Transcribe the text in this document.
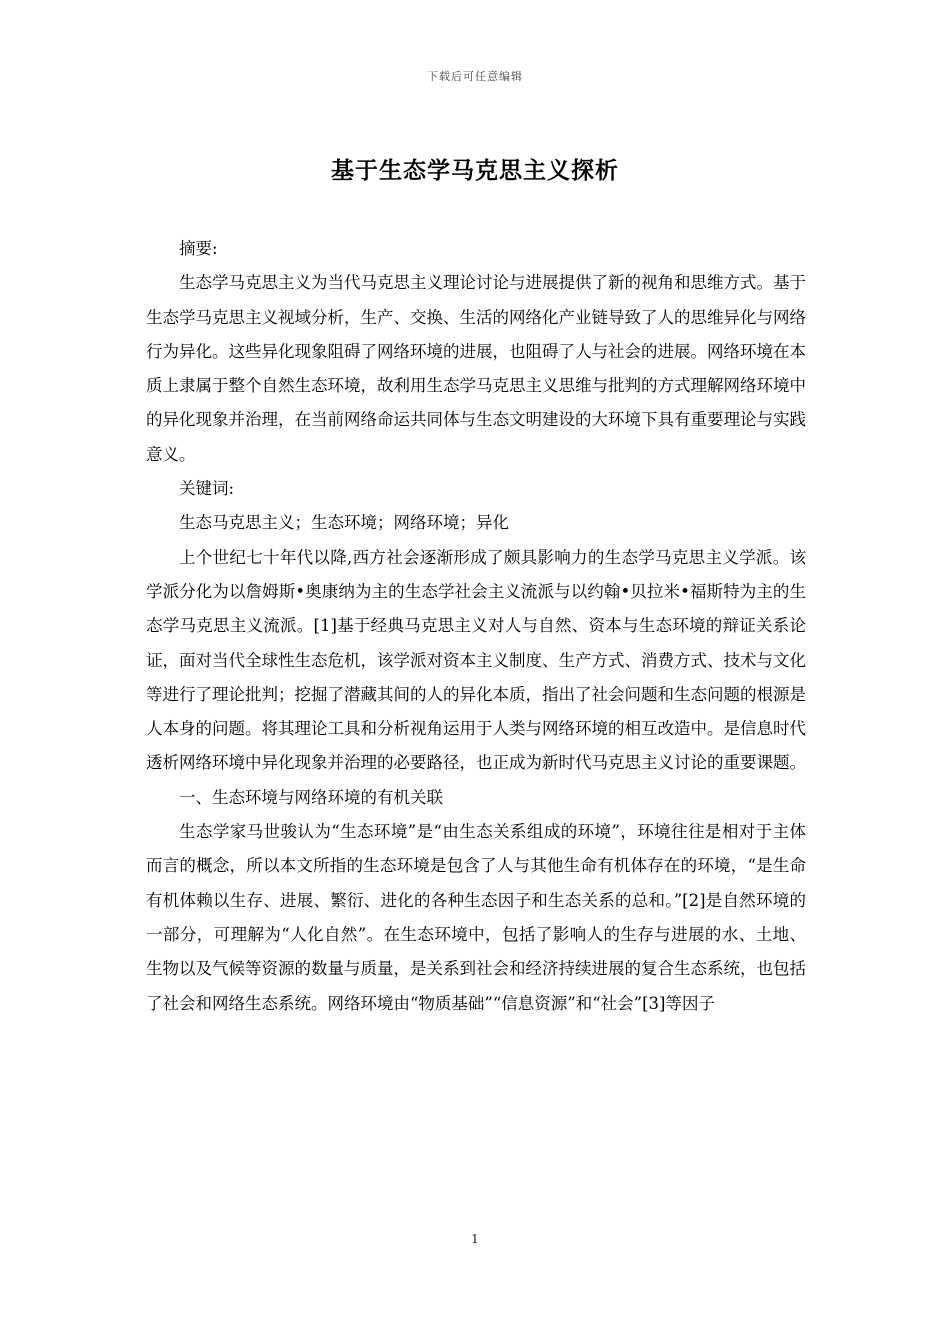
下载后可任意编辑
基于生态学马克思主义探析

摘要:

生态学马克思主义为当代马克思主义理论讨论与进展提供了新的视角和思维方式。基于生态学马克思主义视域分析，生产、交换、生活的网络化产业链导致了人的思维异化与网络行为异化。这些异化现象阻碍了网络环境的进展，也阻碍了人与社会的进展。网络环境在本质上隶属于整个自然生态环境，故利用生态学马克思主义思维与批判的方式理解网络环境中的异化现象并治理，在当前网络命运共同体与生态文明建设的大环境下具有重要理论与实践意义。

关键词:

生态马克思主义；生态环境；网络环境；异化

上个世纪七十年代以降,西方社会逐渐形成了颇具影响力的生态学马克思主义学派。该学派分化为以詹姆斯•奥康纳为主的生态学社会主义流派与以约翰•贝拉米•福斯特为主的生态学马克思主义流派。[1]基于经典马克思主义对人与自然、资本与生态环境的辩证关系论证，面对当代全球性生态危机，该学派对资本主义制度、生产方式、消费方式、技术与文化等进行了理论批判；挖掘了潜藏其间的人的异化本质，指出了社会问题和生态问题的根源是人本身的问题。将其理论工具和分析视角运用于人类与网络环境的相互改造中。是信息时代透析网络环境中异化现象并治理的必要路径，也正成为新时代马克思主义讨论的重要课题。

一、生态环境与网络环境的有机关联

生态学家马世骏认为“生态环境”是“由生态关系组成的环境”，环境往往是相对于主体而言的概念，所以本文所指的生态环境是包含了人与其他生命有机体存在的环境，“是生命有机体赖以生存、进展、繁衍、进化的各种生态因子和生态关系的总和。”[2]是自然环境的一部分，可理解为“人化自然”。在生态环境中，包括了影响人的生存与进展的水、土地、生物以及气候等资源的数量与质量，是关系到社会和经济持续进展的复合生态系统，也包括了社会和网络生态系统。网络环境由“物质基础”“信息资源”和“社会”[3]等因子

1
